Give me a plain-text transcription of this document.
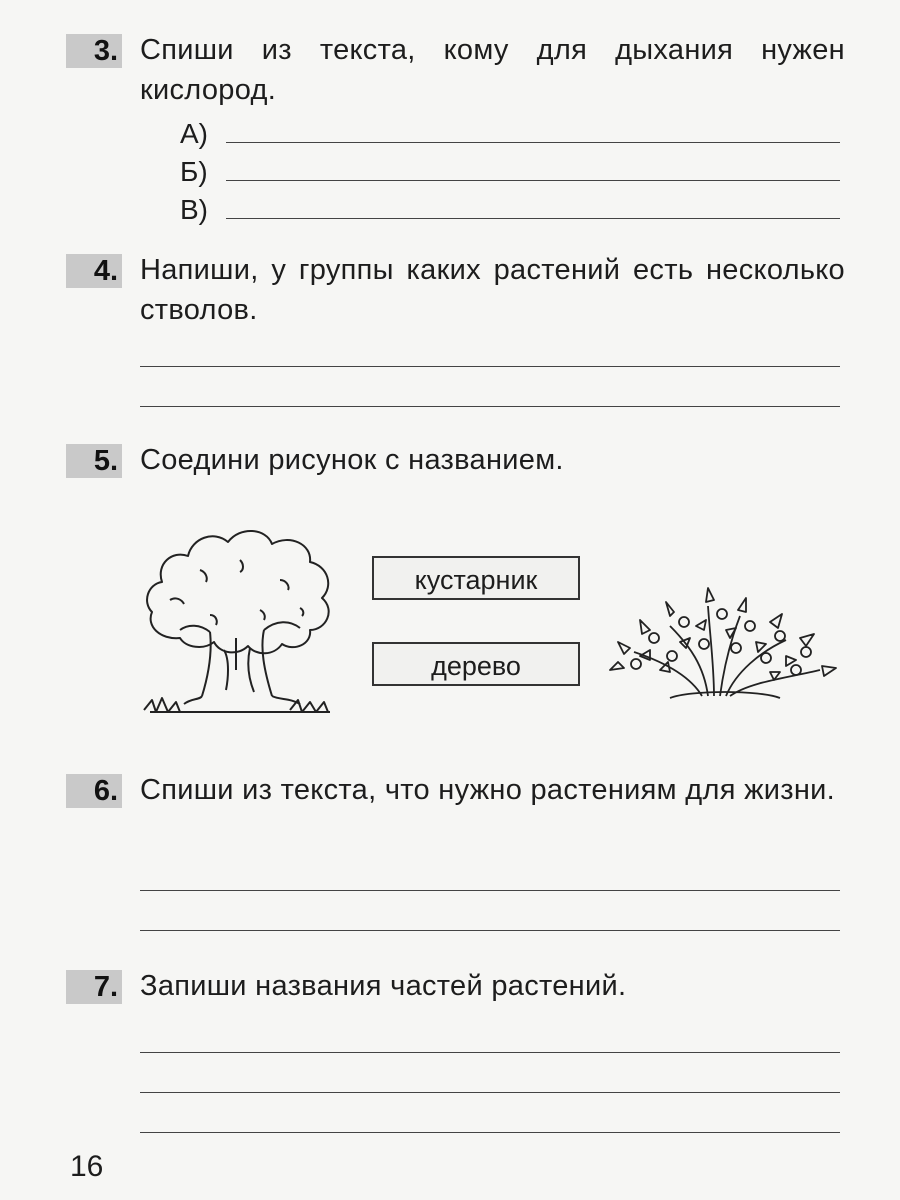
3. Спиши из текста, кому для дыхания нужен кислород.
А)
Б)
В)
4. Напиши, у группы каких растений есть несколько стволов.
5. Соедини рисунок с названием.
кустарник
дерево
6. Спиши из текста, что нужно растениям для жизни.
7. Запиши названия частей растений.
16
